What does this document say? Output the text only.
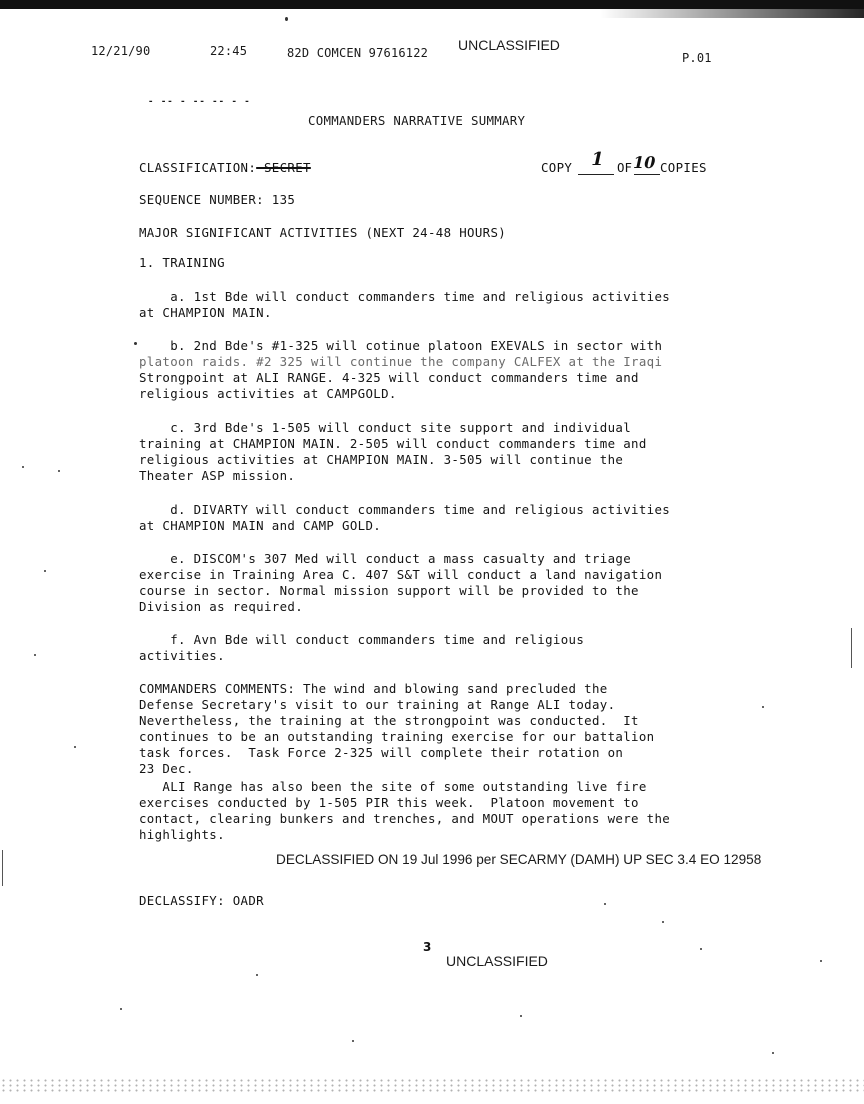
12/21/90	22:45	82D COMCEN 97616122 UNCLASSIFIED
P.01
- -- - -- -- - -
COMMANDERS NARRATIVE SUMMARY
CLASSIFICATION: SECRET	COPY 1 OF 10 COPIES
SEQUENCE NUMBER: 135
MAJOR SIGNIFICANT ACTIVITIES (NEXT 24-48 HOURS)
1. TRAINING
a. 1st Bde will conduct commanders time and religious activities
at CHAMPION MAIN.
b. 2nd Bde's #1-325 will cotinue platoon EXEVALS in sector with
platoon raids. #2 325 will continue the company CALFEX at the Iraqi
Strongpoint at ALI RANGE. 4-325 will conduct commanders time and
religious activities at CAMPGOLD.
c. 3rd Bde's 1-505 will conduct site support and individual
training at CHAMPION MAIN. 2-505 will conduct commanders time and
religious activities at CHAMPION MAIN. 3-505 will continue the
Theater ASP mission.
d. DIVARTY will conduct commanders time and religious activities
at CHAMPION MAIN and CAMP GOLD.
e. DISCOM's 307 Med will conduct a mass casualty and triage
exercise in Training Area C. 407 S&T will conduct a land navigation
course in sector. Normal mission support will be provided to the
Division as required.
f. Avn Bde will conduct commanders time and religious
activities.
COMMANDERS COMMENTS: The wind and blowing sand precluded the
Defense Secretary's visit to our training at Range ALI today.
Nevertheless, the training at the strongpoint was conducted.  It
continues to be an outstanding training exercise for our battalion
task forces.  Task Force 2-325 will complete their rotation on
23 Dec.
ALI Range has also been the site of some outstanding live fire
exercises conducted by 1-505 PIR this week.  Platoon movement to
contact, clearing bunkers and trenches, and MOUT operations were the
highlights.
DECLASSIFIED ON 19 Jul 1996 per SECARMY (DAMH) UP SEC 3.4 EO 12958
DECLASSIFY: OADR
3
UNCLASSIFIED
